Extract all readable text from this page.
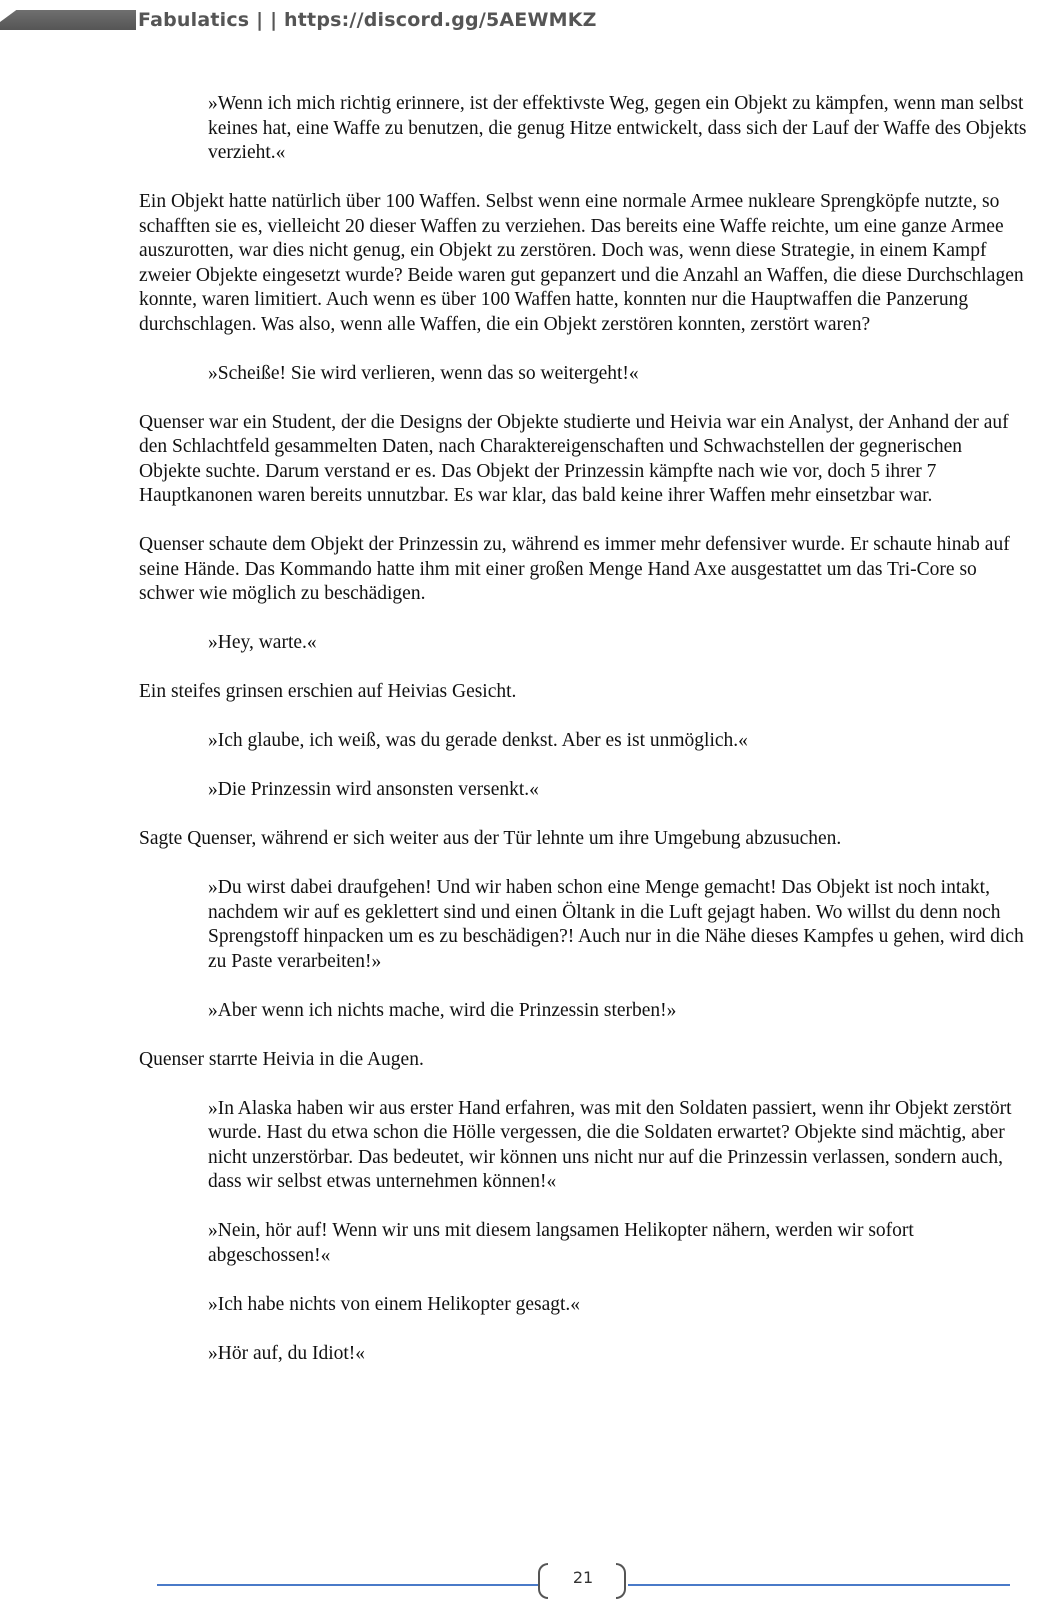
Fabulatics | | https://discord.gg/5AEWMKZ

»Wenn ich mich richtig erinnere, ist der effektivste Weg, gegen ein Objekt zu kämpfen, wenn man selbst keines hat, eine Waffe zu benutzen, die genug Hitze entwickelt, dass sich der Lauf der Waffe des Objekts verzieht.«

Ein Objekt hatte natürlich über 100 Waffen. Selbst wenn eine normale Armee nukleare Sprengköpfe nutzte, so schafften sie es, vielleicht 20 dieser Waffen zu verziehen. Das bereits eine Waffe reichte, um eine ganze Armee auszurotten, war dies nicht genug, ein Objekt zu zerstören. Doch was, wenn diese Strategie, in einem Kampf zweier Objekte eingesetzt wurde? Beide waren gut gepanzert und die Anzahl an Waffen, die diese Durchschlagen konnte, waren limitiert. Auch wenn es über 100 Waffen hatte, konnten nur die Hauptwaffen die Panzerung durchschlagen. Was also, wenn alle Waffen, die ein Objekt zerstören konnten, zerstört waren?

»Scheiße! Sie wird verlieren, wenn das so weitergeht!«

Quenser war ein Student, der die Designs der Objekte studierte und Heivia war ein Analyst, der Anhand der auf den Schlachtfeld gesammelten Daten, nach Charaktereigenschaften und Schwachstellen der gegnerischen Objekte suchte. Darum verstand er es. Das Objekt der Prinzessin kämpfte nach wie vor, doch 5 ihrer 7 Hauptkanonen waren bereits unnutzbar. Es war klar, das bald keine ihrer Waffen mehr einsetzbar war.

Quenser schaute dem Objekt der Prinzessin zu, während es immer mehr defensiver wurde. Er schaute hinab auf seine Hände. Das Kommando hatte ihm mit einer großen Menge Hand Axe ausgestattet um das Tri-Core so schwer wie möglich zu beschädigen.

»Hey, warte.«

Ein steifes grinsen erschien auf Heivias Gesicht.

»Ich glaube, ich weiß, was du gerade denkst. Aber es ist unmöglich.«

»Die Prinzessin wird ansonsten versenkt.«

Sagte Quenser, während er sich weiter aus der Tür lehnte um ihre Umgebung abzusuchen.

»Du wirst dabei draufgehen! Und wir haben schon eine Menge gemacht! Das Objekt ist noch intakt, nachdem wir auf es geklettert sind und einen Öltank in die Luft gejagt haben. Wo willst du denn noch Sprengstoff hinpacken um es zu beschädigen?! Auch nur in die Nähe dieses Kampfes u gehen, wird dich zu Paste verarbeiten!»

»Aber wenn ich nichts mache, wird die Prinzessin sterben!»

Quenser starrte Heivia in die Augen.

»In Alaska haben wir aus erster Hand erfahren, was mit den Soldaten passiert, wenn ihr Objekt zerstört wurde. Hast du etwa schon die Hölle vergessen, die die Soldaten erwartet? Objekte sind mächtig, aber nicht unzerstörbar. Das bedeutet, wir können uns nicht nur auf die Prinzessin verlassen, sondern auch, dass wir selbst etwas unternehmen können!«

»Nein, hör auf! Wenn wir uns mit diesem langsamen Helikopter nähern, werden wir sofort abgeschossen!«

»Ich habe nichts von einem Helikopter gesagt.«

»Hör auf, du Idiot!«

21
